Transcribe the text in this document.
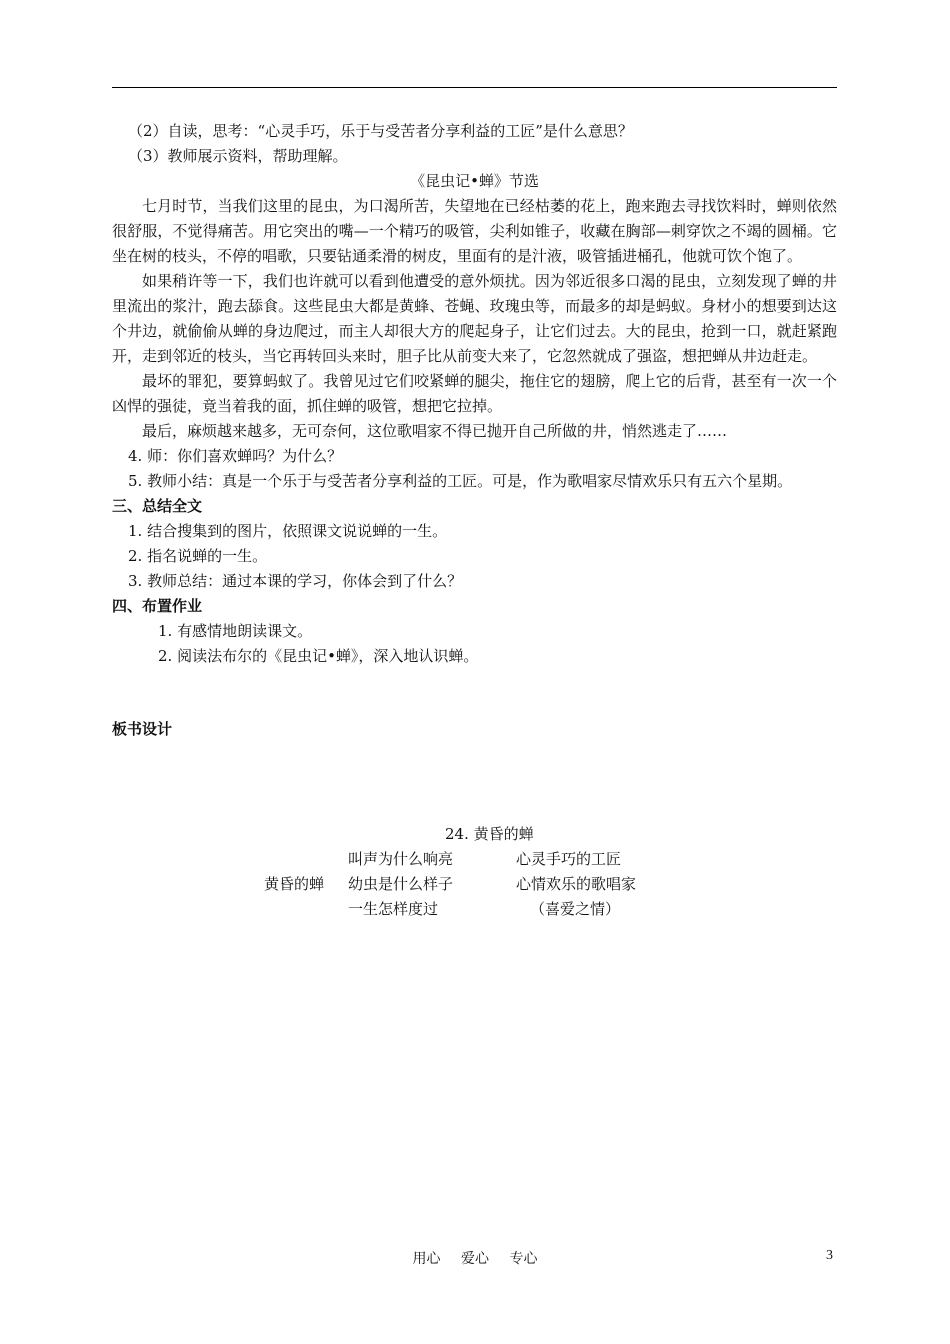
（2）自读，思考：“心灵手巧，乐于与受苦者分享利益的工匠”是什么意思？
（3）教师展示资料，帮助理解。
《昆虫记•蝉》节选
七月时节，当我们这里的昆虫，为口渴所苦，失望地在已经枯萎的花上，跑来跑去寻找饮料时，蝉则依然很舒服，不觉得痛苦。用它突出的嘴—一个精巧的吸管，尖利如锥子，收藏在胸部—刺穿饮之不竭的圆桶。它坐在树的枝头，不停的唱歌，只要钻通柔滑的树皮，里面有的是汁液，吸管插进桶孔，他就可饮个饱了。
如果稍许等一下，我们也许就可以看到他遭受的意外烦扰。因为邻近很多口渴的昆虫，立刻发现了蝉的井里流出的浆汁，跑去舔食。这些昆虫大都是黄蜂、苍蝇、玫瑰虫等，而最多的却是蚂蚁。身材小的想要到达这个井边，就偷偷从蝉的身边爬过，而主人却很大方的爬起身子，让它们过去。大的昆虫，抢到一口，就赶紧跑开，走到邻近的枝头，当它再转回头来时，胆子比从前变大来了，它忽然就成了强盗，想把蝉从井边赶走。
最坏的罪犯，要算蚂蚁了。我曾见过它们咬紧蝉的腿尖，拖住它的翅膀，爬上它的后背，甚至有一次一个凶悍的强徒，竟当着我的面，抓住蝉的吸管，想把它拉掉。
最后，麻烦越来越多，无可奈何，这位歌唱家不得已抛开自己所做的井，悄然逃走了……
4. 师：你们喜欢蝉吗？为什么？
5. 教师小结：真是一个乐于与受苦者分享利益的工匠。可是，作为歌唱家尽情欢乐只有五六个星期。
三、总结全文
1. 结合搜集到的图片，依照课文说说蝉的一生。
2. 指名说蝉的一生。
3. 教师总结：通过本课的学习，你体会到了什么？
四、布置作业
1. 有感情地朗读课文。
2. 阅读法布尔的《昆虫记•蝉》，深入地认识蝉。
板书设计
24. 黄昏的蝉
叫声为什么响亮
黄昏的蝉 幼虫是什么样子
一生怎样度过
心灵手巧的工匠
心情欢乐的歌唱家
（喜爱之情）
用心 爱心 专心	3
